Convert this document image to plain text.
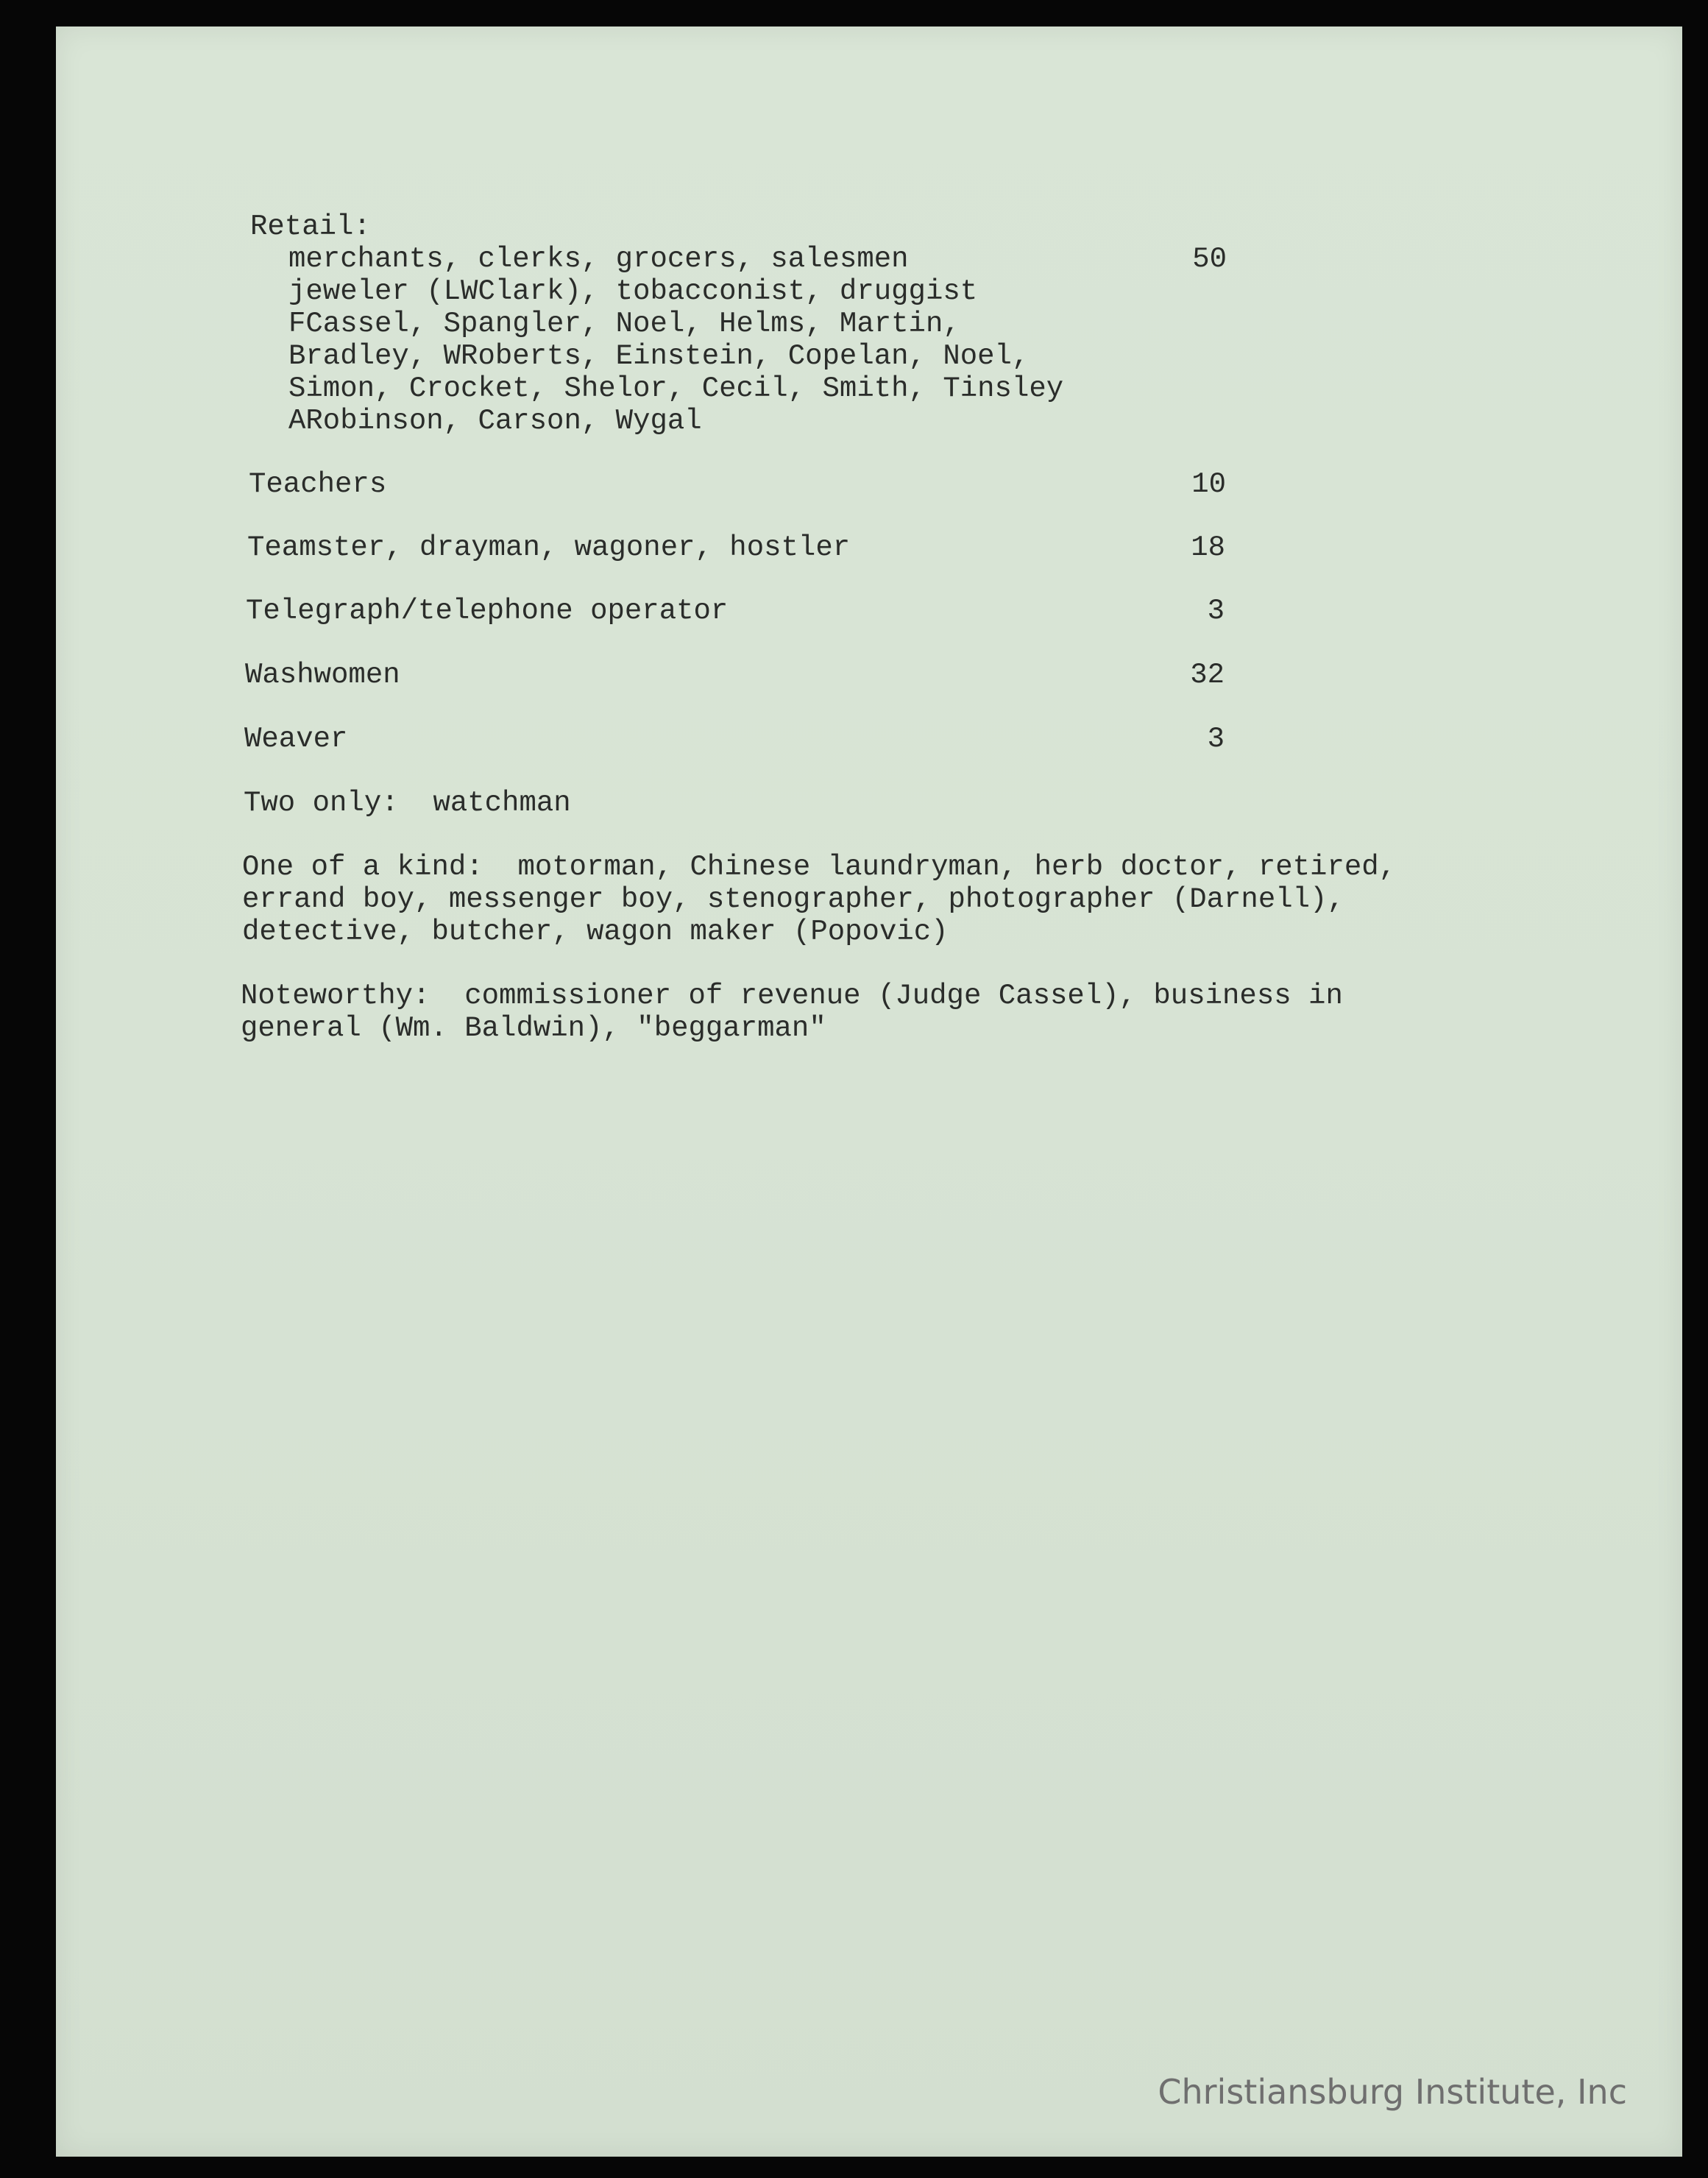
Retail:
merchants, clerks, grocers, salesmen	50
jeweler (LWClark), tobacconist, druggist
FCassel, Spangler, Noel, Helms, Martin,
Bradley, WRoberts, Einstein, Copelan, Noel,
Simon, Crocket, Shelor, Cecil, Smith, Tinsley
ARobinson, Carson, Wygal
Teachers	10
Teamster, drayman, wagoner, hostler	18
Telegraph/telephone operator	3
Washwomen	32
Weaver	3
Two only:  watchman
One of a kind:  motorman, Chinese laundryman, herb doctor, retired,
errand boy, messenger boy, stenographer, photographer (Darnell),
detective, butcher, wagon maker (Popovic)
Noteworthy:  commissioner of revenue (Judge Cassel), business in
general (Wm. Baldwin), "beggarman"
Christiansburg Institute, Inc
